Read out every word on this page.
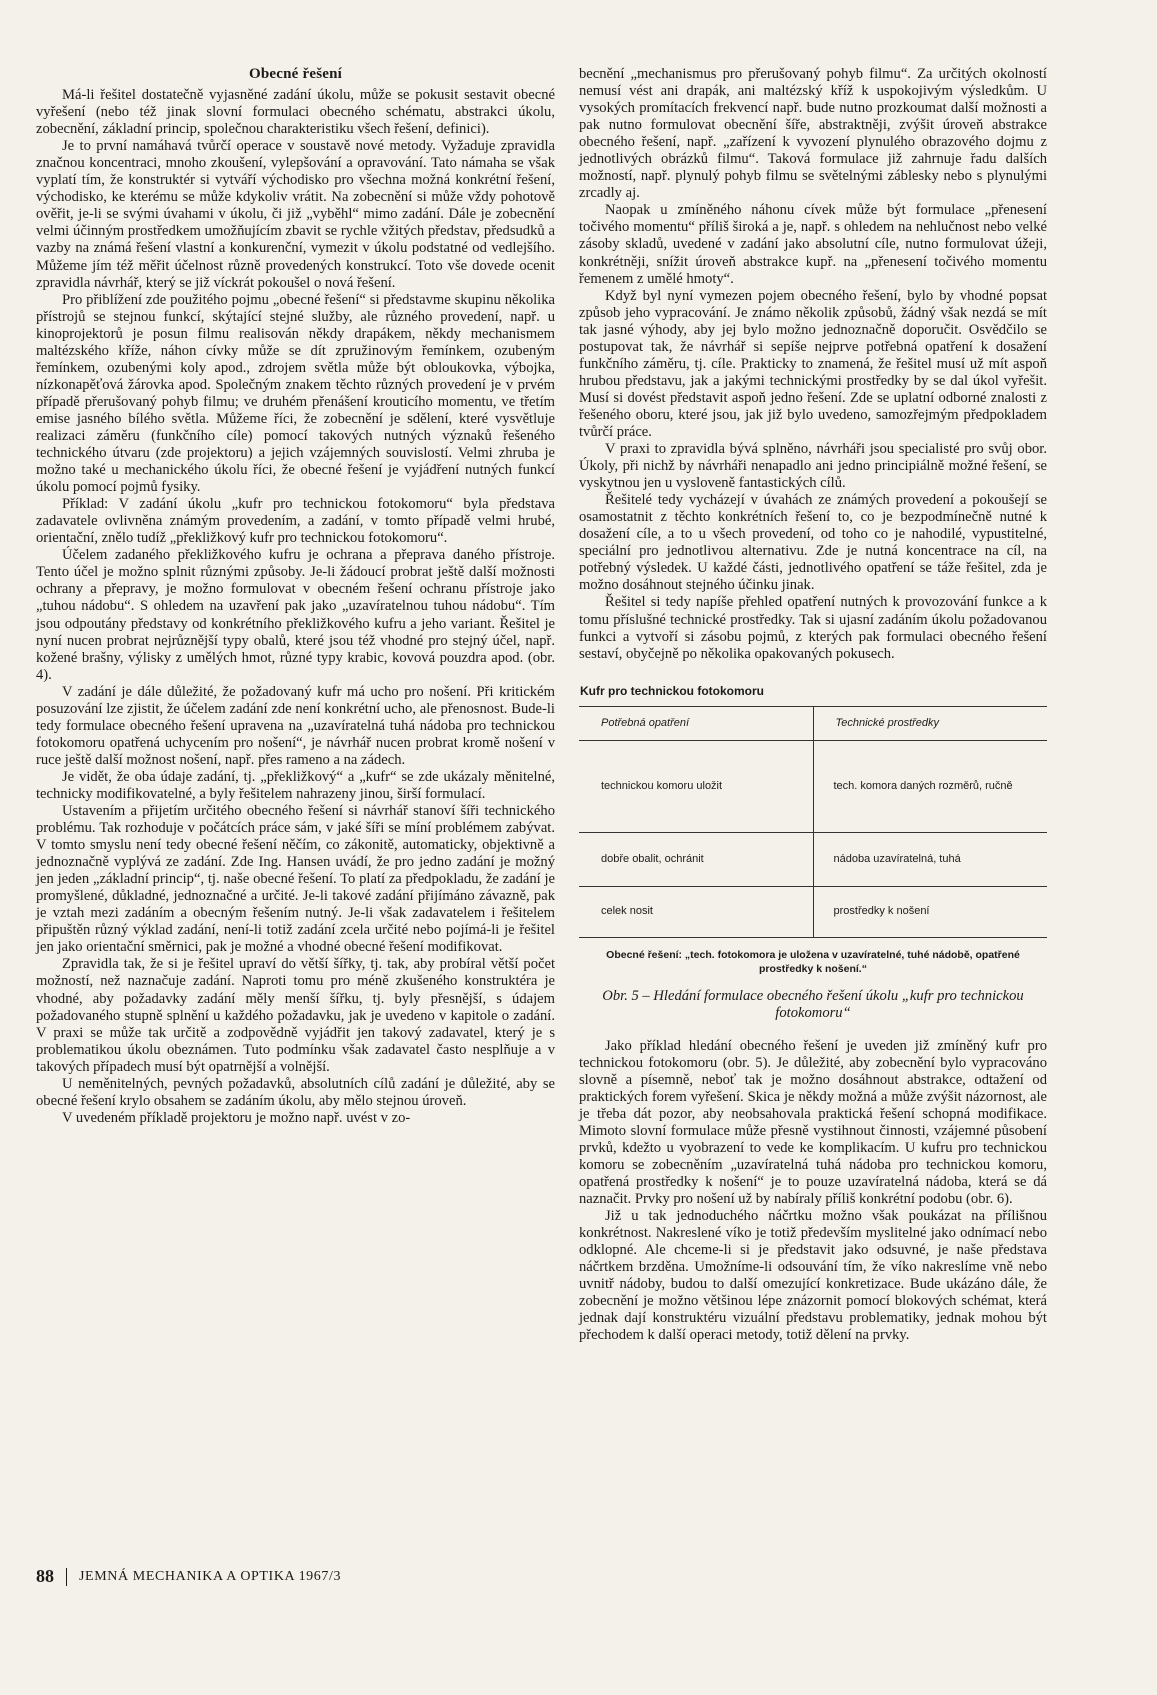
Obecné řešení

Má-li řešitel dostatečně vyjasněné zadání úkolu, může se pokusit sestavit obecné vyřešení (nebo též jinak slovní formulaci obecného schématu, abstrakci úkolu, zobecnění, základní princip, společnou charakteristiku všech řešení, definici).

Je to první namáhavá tvůrčí operace v soustavě nové metody. Vyžaduje zpravidla značnou koncentraci, mnoho zkoušení, vylepšování a opravování. Tato námaha se však vyplatí tím, že konstruktér si vytváří východisko pro všechna možná konkrétní řešení, východisko, ke kterému se může kdykoliv vrátit. Na zobecnění si může vždy pohotově ověřit, je-li se svými úvahami v úkolu, či již „vyběhl“ mimo zadání. Dále je zobecnění velmi účinným prostředkem umožňujícím zbavit se rychle vžitých představ, předsudků a vazby na známá řešení vlastní a konkurenční, vymezit v úkolu podstatné od vedlejšího. Můžeme jím též měřit účelnost různě provedených konstrukcí. Toto vše dovede ocenit zpravidla návrhář, který se již víckrát pokoušel o nová řešení.

Pro přiblížení zde použitého pojmu „obecné řešení“ si představme skupinu několika přístrojů se stejnou funkcí, skýtající stejné služby, ale různého provedení, např. u kinoprojektorů je posun filmu realisován někdy drapákem, někdy mechanismem maltézského kříže, náhon cívky může se dít zpružinovým řemínkem, ozubeným řemínkem, ozubenými koly apod., zdrojem světla může být obloukovka, výbojka, nízkonapěťová žárovka apod. Společným znakem těchto různých provedení je v prvém případě přerušovaný pohyb filmu; ve druhém přenášení krouticího momentu, ve třetím emise jasného bílého světla. Můžeme říci, že zobecnění je sdělení, které vysvětluje realizaci záměru (funkčního cíle) pomocí takových nutných význaků řešeného technického útvaru (zde projektoru) a jejich vzájemných souvislostí. Velmi zhruba je možno také u mechanického úkolu říci, že obecné řešení je vyjádření nutných funkcí úkolu pomocí pojmů fysiky.

Příklad: V zadání úkolu „kufr pro technickou fotokomoru“ byla představa zadavatele ovlivněna známým provedením, a zadání, v tomto případě velmi hrubé, orientační, znělo tudíž „překližkový kufr pro technickou fotokomoru“.

Účelem zadaného překližkového kufru je ochrana a přeprava daného přístroje. Tento účel je možno splnit různými způsoby. Je-li žádoucí probrat ještě další možnosti ochrany a přepravy, je možno formulovat v obecném řešení ochranu přístroje jako „tuhou nádobu“. S ohledem na uzavření pak jako „uzavíratelnou tuhou nádobu“. Tím jsou odpoutány představy od konkrétního překližkového kufru a jeho variant. Řešitel je nyní nucen probrat nejrůznější typy obalů, které jsou též vhodné pro stejný účel, např. kožené brašny, výlisky z umělých hmot, různé typy krabic, kovová pouzdra apod. (obr. 4).

V zadání je dále důležité, že požadovaný kufr má ucho pro nošení. Při kritickém posuzování lze zjistit, že účelem zadání zde není konkrétní ucho, ale přenosnost. Bude-li tedy formulace obecného řešení upravena na „uzavíratelná tuhá nádoba pro technickou fotokomoru opatřená uchycením pro nošení“, je návrhář nucen probrat kromě nošení v ruce ještě další možnost nošení, např. přes rameno a na zádech.

Je vidět, že oba údaje zadání, tj. „překližkový“ a „kufr“ se zde ukázaly měnitelné, technicky modifikovatelné, a byly řešitelem nahrazeny jinou, širší formulací.

Ustavením a přijetím určitého obecného řešení si návrhář stanoví šíři technického problému. Tak rozhoduje v počátcích práce sám, v jaké šíři se míní problémem zabývat. V tomto smyslu není tedy obecné řešení něčím, co zákonitě, automaticky, objektivně a jednoznačně vyplývá ze zadání. Zde Ing. Hansen uvádí, že pro jedno zadání je možný jen jeden „základní princip“, tj. naše obecné řešení. To platí za předpokladu, že zadání je promyšlené, důkladné, jednoznačné a určité. Je-li takové zadání přijímáno závazně, pak je vztah mezi zadáním a obecným řešením nutný. Je-li však zadavatelem i řešitelem připuštěn různý výklad zadání, není-li totiž zadání zcela určité nebo pojímá-li je řešitel jen jako orientační směrnici, pak je možné a vhodné obecné řešení modifikovat.

Zpravidla tak, že si je řešitel upraví do větší šířky, tj. tak, aby probíral větší počet možností, než naznačuje zadání. Naproti tomu pro méně zkušeného konstruktéra je vhodné, aby požadavky zadání měly menší šířku, tj. byly přesnější, s údajem požadovaného stupně splnění u každého požadavku, jak je uvedeno v kapitole o zadání. V praxi se může tak určitě a zodpovědně vyjádřit jen takový zadavatel, který je s problematikou úkolu obeznámen. Tuto podmínku však zadavatel často nesplňuje a v takových případech musí být opatrnější a volnější.

U neměnitelných, pevných požadavků, absolutních cílů zadání je důležité, aby se obecné řešení krylo obsahem se zadáním úkolu, aby mělo stejnou úroveň.

V uvedeném příkladě projektoru je možno např. uvést v zo-

becnění „mechanismus pro přerušovaný pohyb filmu“. Za určitých okolností nemusí vést ani drapák, ani maltézský kříž k uspokojivým výsledkům. U vysokých promítacích frekvencí např. bude nutno prozkoumat další možnosti a pak nutno formulovat obecnění šíře, abstraktněji, zvýšit úroveň abstrakce obecného řešení, např. „zařízení k vyvození plynulého obrazového dojmu z jednotlivých obrázků filmu“. Taková formulace již zahrnuje řadu dalších možností, např. plynulý pohyb filmu se světelnými záblesky nebo s plynulými zrcadly aj.

Naopak u zmíněného náhonu cívek může být formulace „přenesení točivého momentu“ příliš široká a je, např. s ohledem na nehlučnost nebo velké zásoby skladů, uvedené v zadání jako absolutní cíle, nutno formulovat úžeji, konkrétněji, snížit úroveň abstrakce kupř. na „přenesení točivého momentu řemenem z umělé hmoty“.

Když byl nyní vymezen pojem obecného řešení, bylo by vhodné popsat způsob jeho vypracování. Je známo několik způsobů, žádný však nezdá se mít tak jasné výhody, aby jej bylo možno jednoznačně doporučit. Osvědčilo se postupovat tak, že návrhář si sepíše nejprve potřebná opatření k dosažení funkčního záměru, tj. cíle. Prakticky to znamená, že řešitel musí už mít aspoň hrubou představu, jak a jakými technickými prostředky by se dal úkol vyřešit. Musí si dovést představit aspoň jedno řešení. Zde se uplatní odborné znalosti z řešeného oboru, které jsou, jak již bylo uvedeno, samozřejmým předpokladem tvůrčí práce.

V praxi to zpravidla bývá splněno, návrháři jsou specialisté pro svůj obor. Úkoly, při nichž by návrháři nenapadlo ani jedno principiálně možné řešení, se vyskytnou jen u vysloveně fantastických cílů.

Řešitelé tedy vycházejí v úvahách ze známých provedení a pokoušejí se osamostatnit z těchto konkrétních řešení to, co je bezpodmínečně nutné k dosažení cíle, a to u všech provedení, od toho co je nahodilé, vypustitelné, speciální pro jednotlivou alternativu. Zde je nutná koncentrace na cíl, na potřebný výsledek. U každé části, jednotlivého opatření se táže řešitel, zda je možno dosáhnout stejného účinku jinak.

Řešitel si tedy napíše přehled opatření nutných k provozování funkce a k tomu příslušné technické prostředky. Tak si ujasní zadáním úkolu požadovanou funkci a vytvoří si zásobu pojmů, z kterých pak formulaci obecného řešení sestaví, obyčejně po několika opakovaných pokusech.

Kufr pro technickou fotokomoru
Potřebná opatření	Technické prostředky
technickou komoru uložit	tech. komora daných rozměrů, ručně
dobře obalit, ochránit	nádoba uzavíratelná, tuhá
celek nosit	prostředky k nošení
Obecné řešení: „tech. fotokomora je uložena v uzavíratelné, tuhé nádobě, opatřené prostředky k nošení.“
Obr. 5 – Hledání formulace obecného řešení úkolu „kufr pro technickou fotokomoru“

Jako příklad hledání obecného řešení je uveden již zmíněný kufr pro technickou fotokomoru (obr. 5). Je důležité, aby zobecnění bylo vypracováno slovně a písemně, neboť tak je možno dosáhnout abstrakce, odtažení od praktických forem vyřešení. Skica je někdy možná a může zvýšit názornost, ale je třeba dát pozor, aby neobsahovala praktická řešení schopná modifikace. Mimoto slovní formulace může přesně vystihnout činnosti, vzájemné působení prvků, kdežto u vyobrazení to vede ke komplikacím. U kufru pro technickou komoru se zobecněním „uzavíratelná tuhá nádoba pro technickou komoru, opatřená prostředky k nošení“ je to pouze uzavíratelná nádoba, která se dá naznačit. Prvky pro nošení už by nabíraly příliš konkrétní podobu (obr. 6).

Již u tak jednoduchého náčrtku možno však poukázat na přílišnou konkrétnost. Nakreslené víko je totiž především myslitelné jako odnímací nebo odklopné. Ale chceme-li si je představit jako odsuvné, je naše představa náčrtkem brzděna. Umožníme-li odsouvání tím, že víko nakreslíme vně nebo uvnitř nádoby, budou to další omezující konkretizace. Bude ukázáno dále, že zobecnění je možno většinou lépe znázornit pomocí blokových schémat, která jednak dají konstruktéru vizuální představu problematiky, jednak mohou být přechodem k další operaci metody, totiž dělení na prvky.

88 JEMNÁ MECHANIKA A OPTIKA 1967/3
